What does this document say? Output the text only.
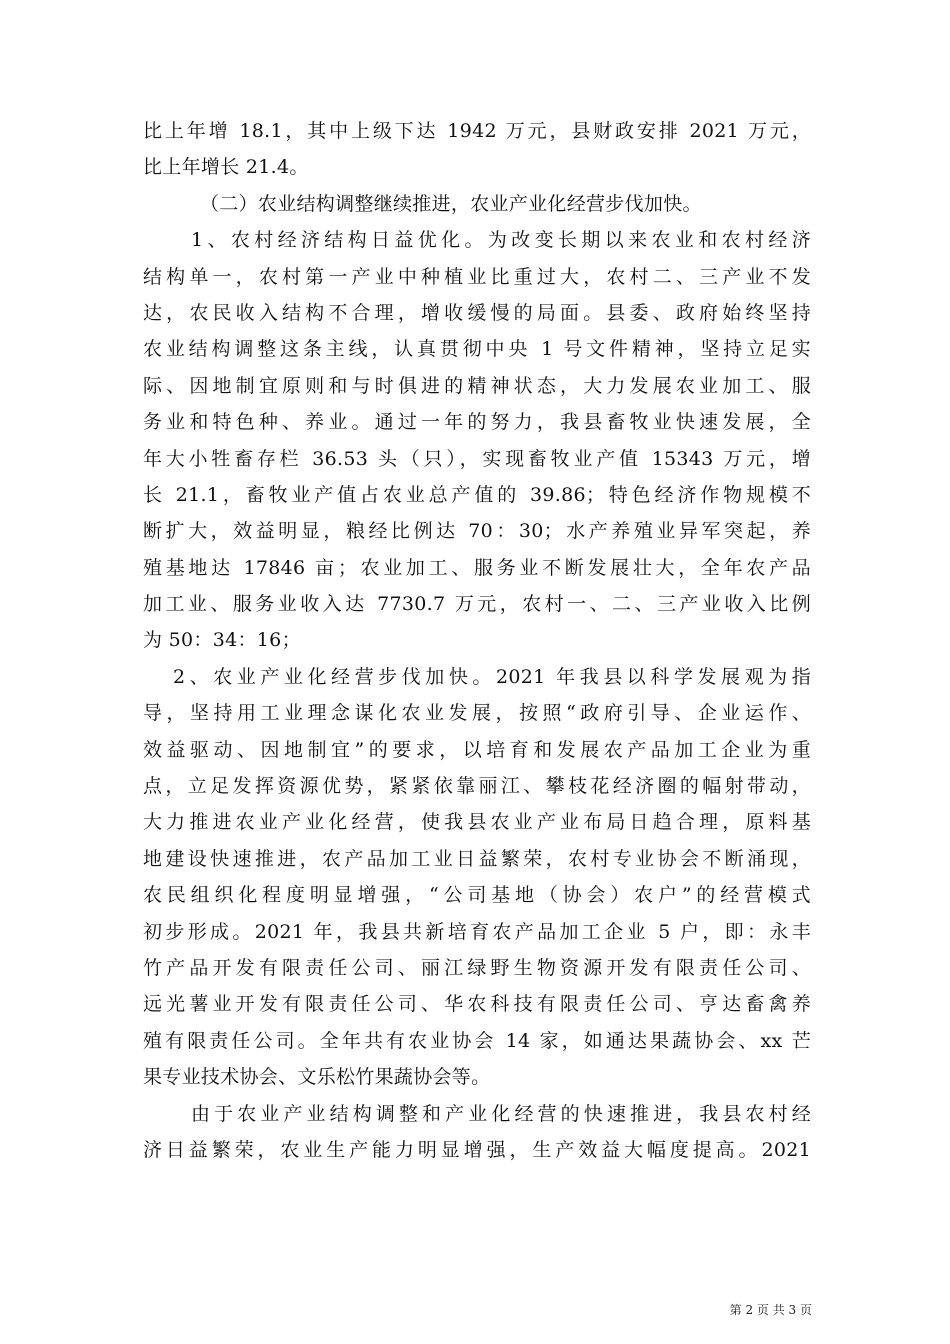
比上年增 18.1，其中上级下达 1942 万元，县财政安排 2021 万元，
比上年增长 21.4。
（二）农业结构调整继续推进，农业产业化经营步伐加快。
1、农村经济结构日益优化。为改变长期以来农业和农村经济
结构单一，农村第一产业中种植业比重过大，农村二、三产业不发
达，农民收入结构不合理，增收缓慢的局面。县委、政府始终坚持
农业结构调整这条主线，认真贯彻中央 1 号文件精神，坚持立足实
际、因地制宜原则和与时俱进的精神状态，大力发展农业加工、服
务业和特色种、养业。通过一年的努力，我县畜牧业快速发展，全
年大小牲畜存栏 36.53 头（只），实现畜牧业产值 15343 万元，增
长 21.1，畜牧业产值占农业总产值的 39.86；特色经济作物规模不
断扩大，效益明显，粮经比例达 70：30；水产养殖业异军突起，养
殖基地达 17846 亩；农业加工、服务业不断发展壮大，全年农产品
加工业、服务业收入达 7730.7 万元，农村一、二、三产业收入比例
为 50：34：16；
2、农业产业化经营步伐加快。2021 年我县以科学发展观为指
导，坚持用工业理念谋化农业发展，按照“政府引导、企业运作、
效益驱动、因地制宜”的要求，以培育和发展农产品加工企业为重
点，立足发挥资源优势，紧紧依靠丽江、攀枝花经济圈的幅射带动，
大力推进农业产业化经营，使我县农业产业布局日趋合理，原料基
地建设快速推进，农产品加工业日益繁荣，农村专业协会不断涌现，
农民组织化程度明显增强，“公司基地（协会）农户”的经营模式
初步形成。2021 年，我县共新培育农产品加工企业 5 户，即：永丰
竹产品开发有限责任公司、丽江绿野生物资源开发有限责任公司、
远光薯业开发有限责任公司、华农科技有限责任公司、亨达畜禽养
殖有限责任公司。全年共有农业协会 14 家，如通达果蔬协会、xx 芒
果专业技术协会、文乐松竹果蔬协会等。
由于农业产业结构调整和产业化经营的快速推进，我县农村经
济日益繁荣，农业生产能力明显增强，生产效益大幅度提高。2021
第 2 页 共 3 页
